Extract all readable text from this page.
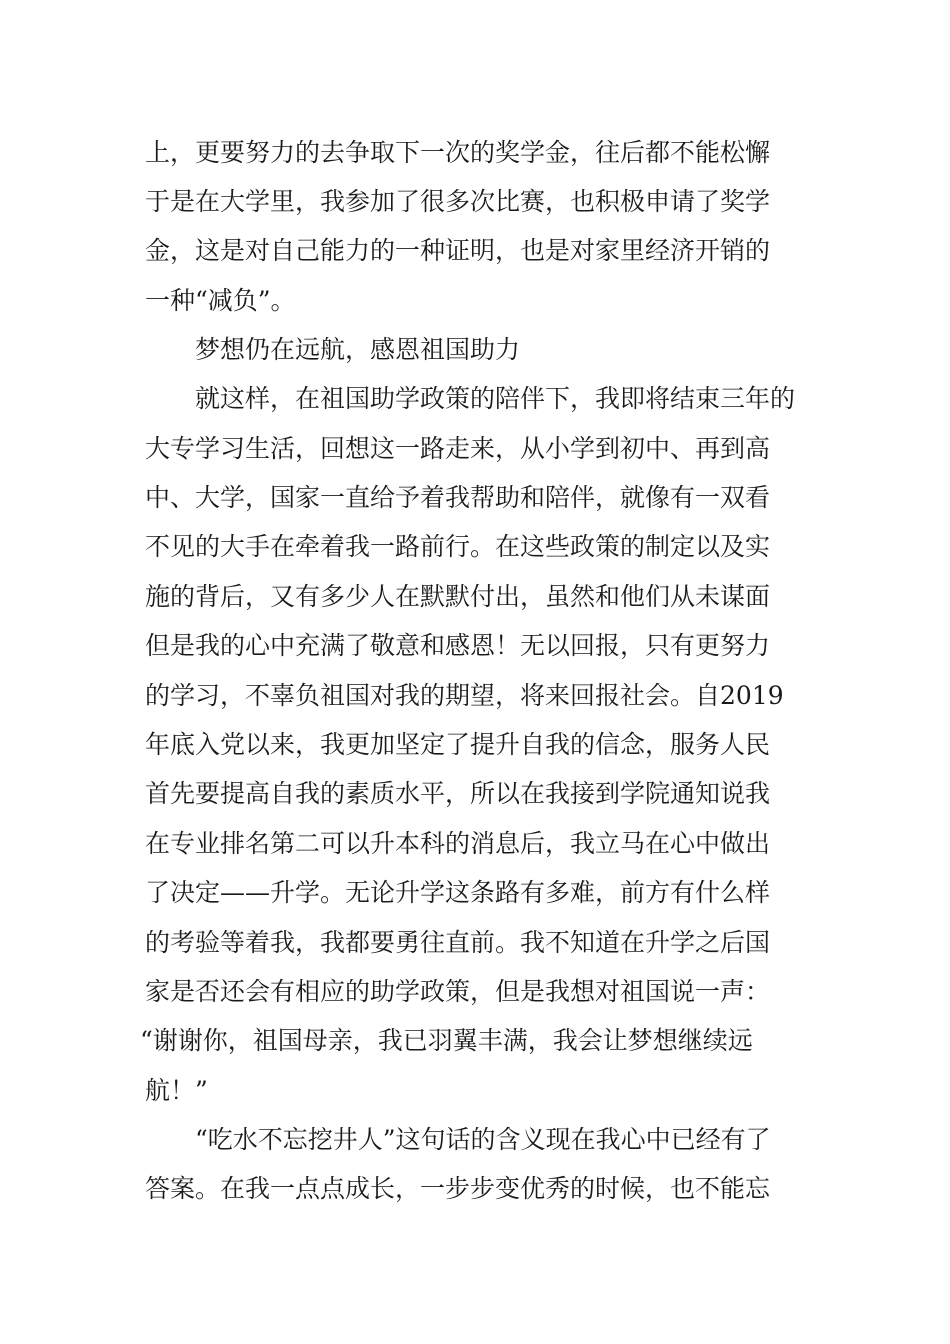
上，更要努力的去争取下一次的奖学金，往后都不能松懈
于是在大学里，我参加了很多次比赛，也积极申请了奖学
金，这是对自己能力的一种证明，也是对家里经济开销的
一种“减负”。
梦想仍在远航，感恩祖国助力
就这样，在祖国助学政策的陪伴下，我即将结束三年的
大专学习生活，回想这一路走来，从小学到初中、再到高
中、大学，国家一直给予着我帮助和陪伴，就像有一双看
不见的大手在牵着我一路前行。在这些政策的制定以及实
施的背后，又有多少人在默默付出，虽然和他们从未谋面
但是我的心中充满了敬意和感恩！无以回报，只有更努力
的学习，不辜负祖国对我的期望，将来回报社会。自2019
年底入党以来，我更加坚定了提升自我的信念，服务人民
首先要提高自我的素质水平，所以在我接到学院通知说我
在专业排名第二可以升本科的消息后，我立马在心中做出
了决定——升学。无论升学这条路有多难，前方有什么样
的考验等着我，我都要勇往直前。我不知道在升学之后国
家是否还会有相应的助学政策，但是我想对祖国说一声：
“谢谢你，祖国母亲，我已羽翼丰满，我会让梦想继续远
航！”
“吃水不忘挖井人”这句话的含义现在我心中已经有了
答案。在我一点点成长，一步步变优秀的时候，也不能忘
